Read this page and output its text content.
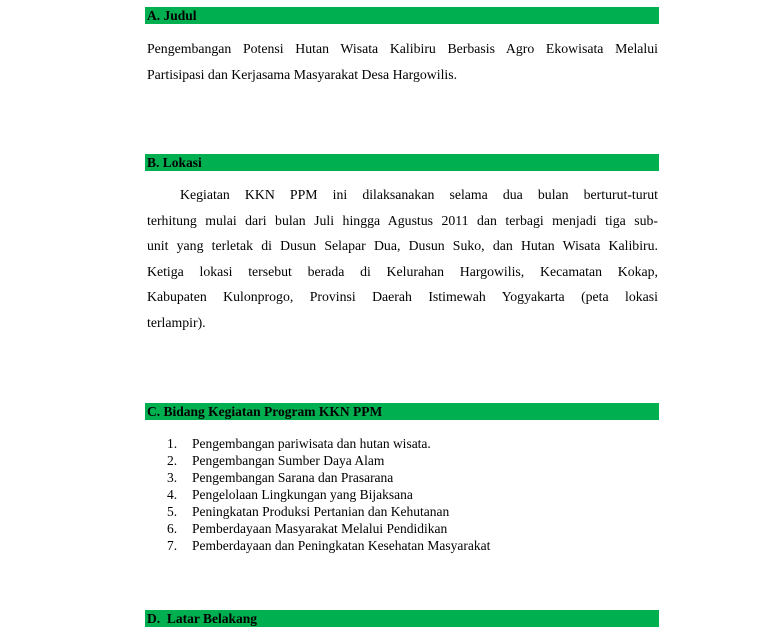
A. Judul
Pengembangan Potensi Hutan Wisata Kalibiru Berbasis Agro Ekowisata Melalui
Partisipasi dan Kerjasama Masyarakat Desa Hargowilis.
B. Lokasi
Kegiatan KKN PPM ini dilaksanakan selama dua bulan berturut-turut
terhitung mulai dari bulan Juli hingga Agustus 2011 dan terbagi menjadi tiga sub-
unit yang terletak di Dusun Selapar Dua, Dusun Suko, dan Hutan Wisata Kalibiru.
Ketiga lokasi tersebut berada di Kelurahan Hargowilis, Kecamatan Kokap,
Kabupaten Kulonprogo, Provinsi Daerah Istimewah Yogyakarta (peta lokasi
terlampir).
C. Bidang Kegiatan Program KKN PPM
1.	Pengembangan pariwisata dan hutan wisata.
2.	Pengembangan Sumber Daya Alam
3.	Pengembangan Sarana dan Prasarana
4.	Pengelolaan Lingkungan yang Bijaksana
5.	Peningkatan Produksi Pertanian dan Kehutanan
6.	Pemberdayaan Masyarakat Melalui Pendidikan
7.	Pemberdayaan dan Peningkatan Kesehatan Masyarakat
D.  Latar Belakang
